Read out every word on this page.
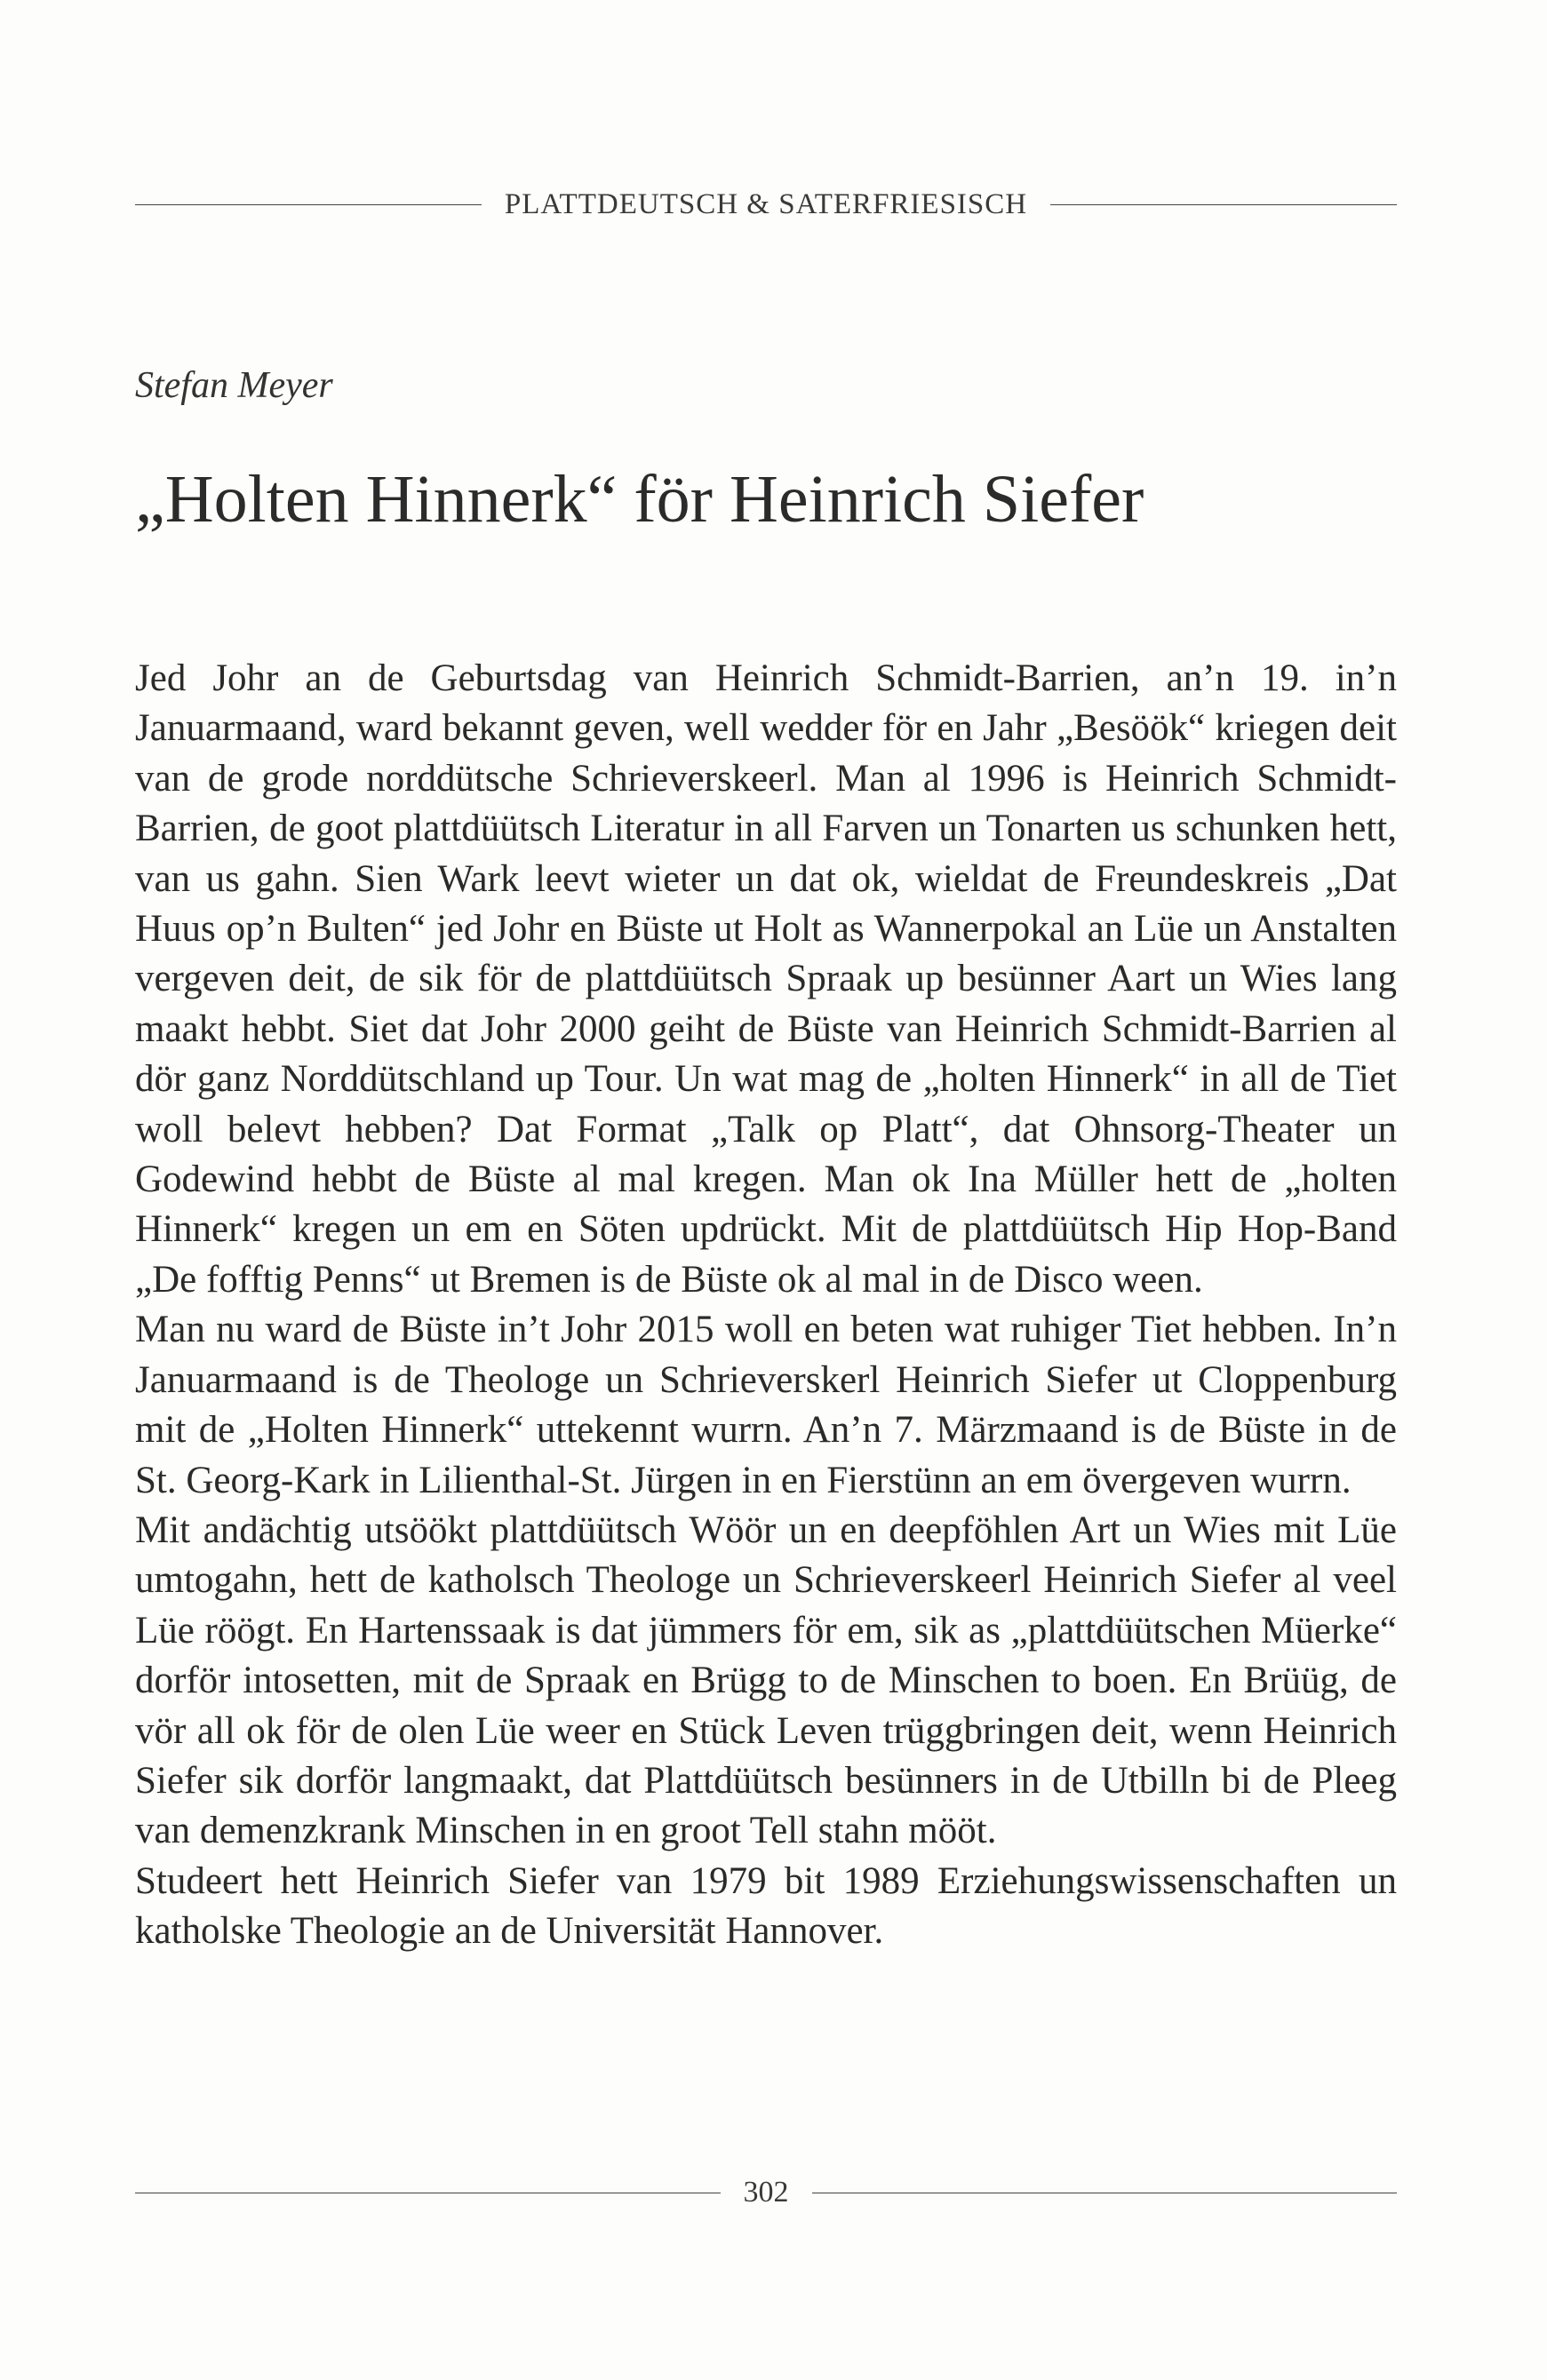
PLATTDEUTSCH & SATERFRIESISCH
Stefan Meyer
„Holten Hinnerk“ för Heinrich Siefer

Jed Johr an de Geburtsdag van Heinrich Schmidt-Barrien, an’n 19. in’n Januarmaand, ward bekannt geven, well wedder för en Jahr „Besöök“ kriegen deit van de grode norddütsche Schrieverskeerl. Man al 1996 is Heinrich Schmidt-Barrien, de goot plattdüütsch Literatur in all Farven un Tonarten us schunken hett, van us gahn. Sien Wark leevt wieter un dat ok, wieldat de Freundeskreis „Dat Huus op’n Bulten“ jed Johr en Büste ut Holt as Wannerpokal an Lüe un Anstalten vergeven deit, de sik för de plattdüütsch Spraak up besünner Aart un Wies lang maakt hebbt. Siet dat Johr 2000 geiht de Büste van Heinrich Schmidt-Barrien al dör ganz Norddütschland up Tour. Un wat mag de „holten Hinnerk“ in all de Tiet woll belevt hebben? Dat Format „Talk op Platt“, dat Ohnsorg-Theater un Godewind hebbt de Büste al mal kregen. Man ok Ina Müller hett de „holten Hinnerk“ kregen un em en Söten updrückt. Mit de plattdüütsch Hip Hop-Band „De fofftig Penns“ ut Bremen is de Büste ok al mal in de Disco ween.

Man nu ward de Büste in’t Johr 2015 woll en beten wat ruhiger Tiet hebben. In’n Januarmaand is de Theologe un Schrieverskerl Heinrich Siefer ut Cloppenburg mit de „Holten Hinnerk“ uttekennt wurrn. An’n 7. Märzmaand is de Büste in de St. Georg-Kark in Lilienthal-St. Jürgen in en Fierstünn an em övergeven wurrn.

Mit andächtig utsöökt plattdüütsch Wöör un en deepföhlen Art un Wies mit Lüe umtogahn, hett de katholsch Theologe un Schrieverskeerl Heinrich Siefer al veel Lüe röögt. En Hartenssaak is dat jümmers för em, sik as „plattdüütschen Müerke“ dorför intosetten, mit de Spraak en Brügg to de Minschen to boen. En Brüüg, de vör all ok för de olen Lüe weer en Stück Leven trüggbringen deit, wenn Heinrich Siefer sik dorför langmaakt, dat Plattdüütsch besünners in de Utbilln bi de Pleeg van demenzkrank Minschen in en groot Tell stahn mööt.

Studeert hett Heinrich Siefer van 1979 bit 1989 Erziehungswissenschaften un katholske Theologie an de Universität Hannover.

302
